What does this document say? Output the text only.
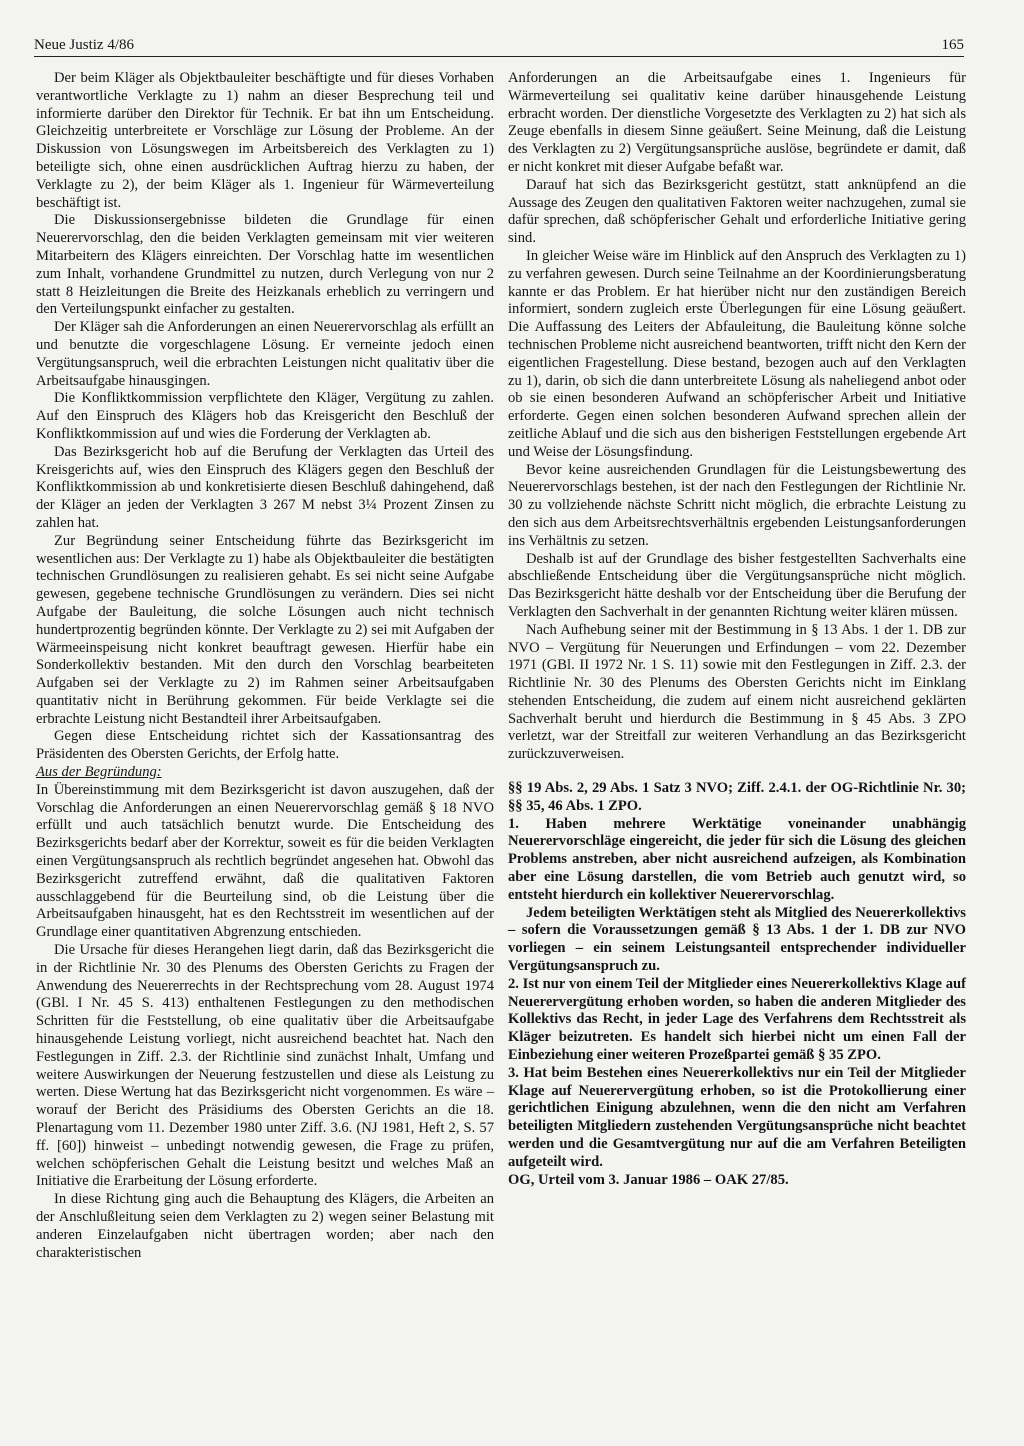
Neue Justiz 4/86	165

Der beim Kläger als Objektbauleiter beschäftigte und für dieses Vorhaben verantwortliche Verklagte zu 1) nahm an dieser Besprechung teil und informierte darüber den Direktor für Technik. Er bat ihn um Entscheidung. Gleichzeitig unterbreitete er Vorschläge zur Lösung der Probleme. An der Diskussion von Lösungswegen im Arbeitsbereich des Verklagten zu 1) beteiligte sich, ohne einen ausdrücklichen Auftrag hierzu zu haben, der Verklagte zu 2), der beim Kläger als 1. Ingenieur für Wärmeverteilung beschäftigt ist.

Die Diskussionsergebnisse bildeten die Grundlage für einen Neuerervorschlag, den die beiden Verklagten gemeinsam mit vier weiteren Mitarbeitern des Klägers einreichten. Der Vorschlag hatte im wesentlichen zum Inhalt, vorhandene Grundmittel zu nutzen, durch Verlegung von nur 2 statt 8 Heizleitungen die Breite des Heizkanals erheblich zu verringern und den Verteilungspunkt einfacher zu gestalten.

Der Kläger sah die Anforderungen an einen Neuerervorschlag als erfüllt an und benutzte die vorgeschlagene Lösung. Er verneinte jedoch einen Vergütungsanspruch, weil die erbrachten Leistungen nicht qualitativ über die Arbeitsaufgabe hinausgingen.

Die Konfliktkommission verpflichtete den Kläger, Vergütung zu zahlen. Auf den Einspruch des Klägers hob das Kreisgericht den Beschluß der Konfliktkommission auf und wies die Forderung der Verklagten ab.

Das Bezirksgericht hob auf die Berufung der Verklagten das Urteil des Kreisgerichts auf, wies den Einspruch des Klägers gegen den Beschluß der Konfliktkommission ab und konkretisierte diesen Beschluß dahingehend, daß der Kläger an jeden der Verklagten 3 267 M nebst 3¼ Prozent Zinsen zu zahlen hat.

Zur Begründung seiner Entscheidung führte das Bezirksgericht im wesentlichen aus: Der Verklagte zu 1) habe als Objektbauleiter die bestätigten technischen Grundlösungen zu realisieren gehabt. Es sei nicht seine Aufgabe gewesen, gegebene technische Grundlösungen zu verändern. Dies sei nicht Aufgabe der Bauleitung, die solche Lösungen auch nicht technisch hundertprozentig begründen könnte. Der Verklagte zu 2) sei mit Aufgaben der Wärmeeinspeisung nicht konkret beauftragt gewesen. Hierfür habe ein Sonderkollektiv bestanden. Mit den durch den Vorschlag bearbeiteten Aufgaben sei der Verklagte zu 2) im Rahmen seiner Arbeitsaufgaben quantitativ nicht in Berührung gekommen. Für beide Verklagte sei die erbrachte Leistung nicht Bestandteil ihrer Arbeitsaufgaben.

Gegen diese Entscheidung richtet sich der Kassationsantrag des Präsidenten des Obersten Gerichts, der Erfolg hatte.

Aus der Begründung:

In Übereinstimmung mit dem Bezirksgericht ist davon auszugehen, daß der Vorschlag die Anforderungen an einen Neuerervorschlag gemäß § 18 NVO erfüllt und auch tatsächlich benutzt wurde. Die Entscheidung des Bezirksgerichts bedarf aber der Korrektur, soweit es für die beiden Verklagten einen Vergütungsanspruch als rechtlich begründet angesehen hat. Obwohl das Bezirksgericht zutreffend erwähnt, daß die qualitativen Faktoren ausschlaggebend für die Beurteilung sind, ob die Leistung über die Arbeitsaufgaben hinausgeht, hat es den Rechtsstreit im wesentlichen auf der Grundlage einer quantitativen Abgrenzung entschieden.

Die Ursache für dieses Herangehen liegt darin, daß das Bezirksgericht die in der Richtlinie Nr. 30 des Plenums des Obersten Gerichts zu Fragen der Anwendung des Neuererrechts in der Rechtsprechung vom 28. August 1974 (GBl. I Nr. 45 S. 413) enthaltenen Festlegungen zu den methodischen Schritten für die Feststellung, ob eine qualitativ über die Arbeitsaufgabe hinausgehende Leistung vorliegt, nicht ausreichend beachtet hat. Nach den Festlegungen in Ziff. 2.3. der Richtlinie sind zunächst Inhalt, Umfang und weitere Auswirkungen der Neuerung festzustellen und diese als Leistung zu werten. Diese Wertung hat das Bezirksgericht nicht vorgenommen. Es wäre – worauf der Bericht des Präsidiums des Obersten Gerichts an die 18. Plenartagung vom 11. Dezember 1980 unter Ziff. 3.6. (NJ 1981, Heft 2, S. 57 ff. [60]) hinweist – unbedingt notwendig gewesen, die Frage zu prüfen, welchen schöpferischen Gehalt die Leistung besitzt und welches Maß an Initiative die Erarbeitung der Lösung erforderte.

In diese Richtung ging auch die Behauptung des Klägers, die Arbeiten an der Anschlußleitung seien dem Verklagten zu 2) wegen seiner Belastung mit anderen Einzelaufgaben nicht übertragen worden; aber nach den charakteristischen

Anforderungen an die Arbeitsaufgabe eines 1. Ingenieurs für Wärmeverteilung sei qualitativ keine darüber hinausgehende Leistung erbracht worden. Der dienstliche Vorgesetzte des Verklagten zu 2) hat sich als Zeuge ebenfalls in diesem Sinne geäußert. Seine Meinung, daß die Leistung des Verklagten zu 2) Vergütungsansprüche auslöse, begründete er damit, daß er nicht konkret mit dieser Aufgabe befaßt war.

Darauf hat sich das Bezirksgericht gestützt, statt anknüpfend an die Aussage des Zeugen den qualitativen Faktoren weiter nachzugehen, zumal sie dafür sprechen, daß schöpferischer Gehalt und erforderliche Initiative gering sind.

In gleicher Weise wäre im Hinblick auf den Anspruch des Verklagten zu 1) zu verfahren gewesen. Durch seine Teilnahme an der Koordinierungsberatung kannte er das Problem. Er hat hierüber nicht nur den zuständigen Bereich informiert, sondern zugleich erste Überlegungen für eine Lösung geäußert. Die Auffassung des Leiters der Abfauleitung, die Bauleitung könne solche technischen Probleme nicht ausreichend beantworten, trifft nicht den Kern der eigentlichen Fragestellung. Diese bestand, bezogen auch auf den Verklagten zu 1), darin, ob sich die dann unterbreitete Lösung als naheliegend anbot oder ob sie einen besonderen Aufwand an schöpferischer Arbeit und Initiative erforderte. Gegen einen solchen besonderen Aufwand sprechen allein der zeitliche Ablauf und die sich aus den bisherigen Feststellungen ergebende Art und Weise der Lösungsfindung.

Bevor keine ausreichenden Grundlagen für die Leistungsbewertung des Neuerervorschlags bestehen, ist der nach den Festlegungen der Richtlinie Nr. 30 zu vollziehende nächste Schritt nicht möglich, die erbrachte Leistung zu den sich aus dem Arbeitsrechtsverhältnis ergebenden Leistungsanforderungen ins Verhältnis zu setzen.

Deshalb ist auf der Grundlage des bisher festgestellten Sachverhalts eine abschließende Entscheidung über die Vergütungsansprüche nicht möglich. Das Bezirksgericht hätte deshalb vor der Entscheidung über die Berufung der Verklagten den Sachverhalt in der genannten Richtung weiter klären müssen.

Nach Aufhebung seiner mit der Bestimmung in § 13 Abs. 1 der 1. DB zur NVO – Vergütung für Neuerungen und Erfindungen – vom 22. Dezember 1971 (GBl. II 1972 Nr. 1 S. 11) sowie mit den Festlegungen in Ziff. 2.3. der Richtlinie Nr. 30 des Plenums des Obersten Gerichts nicht im Einklang stehenden Entscheidung, die zudem auf einem nicht ausreichend geklärten Sachverhalt beruht und hierdurch die Bestimmung in § 45 Abs. 3 ZPO verletzt, war der Streitfall zur weiteren Verhandlung an das Bezirksgericht zurückzuverweisen.

§§ 19 Abs. 2, 29 Abs. 1 Satz 3 NVO; Ziff. 2.4.1. der OG-Richtlinie Nr. 30; §§ 35, 46 Abs. 1 ZPO.

1. Haben mehrere Werktätige voneinander unabhängig Neuerervorschläge eingereicht, die jeder für sich die Lösung des gleichen Problems anstreben, aber nicht ausreichend aufzeigen, als Kombination aber eine Lösung darstellen, die vom Betrieb auch genutzt wird, so entsteht hierdurch ein kollektiver Neuerervorschlag.

Jedem beteiligten Werktätigen steht als Mitglied des Neuererkollektivs – sofern die Voraussetzungen gemäß § 13 Abs. 1 der 1. DB zur NVO vorliegen – ein seinem Leistungsanteil entsprechender individueller Vergütungsanspruch zu.

2. Ist nur von einem Teil der Mitglieder eines Neuererkollektivs Klage auf Neuerervergütung erhoben worden, so haben die anderen Mitglieder des Kollektivs das Recht, in jeder Lage des Verfahrens dem Rechtsstreit als Kläger beizutreten. Es handelt sich hierbei nicht um einen Fall der Einbeziehung einer weiteren Prozeßpartei gemäß § 35 ZPO.

3. Hat beim Bestehen eines Neuererkollektivs nur ein Teil der Mitglieder Klage auf Neuerervergütung erhoben, so ist die Protokollierung einer gerichtlichen Einigung abzulehnen, wenn die den nicht am Verfahren beteiligten Mitgliedern zustehenden Vergütungsansprüche nicht beachtet werden und die Gesamtvergütung nur auf die am Verfahren Beteiligten aufgeteilt wird.

OG, Urteil vom 3. Januar 1986 – OAK 27/85.
